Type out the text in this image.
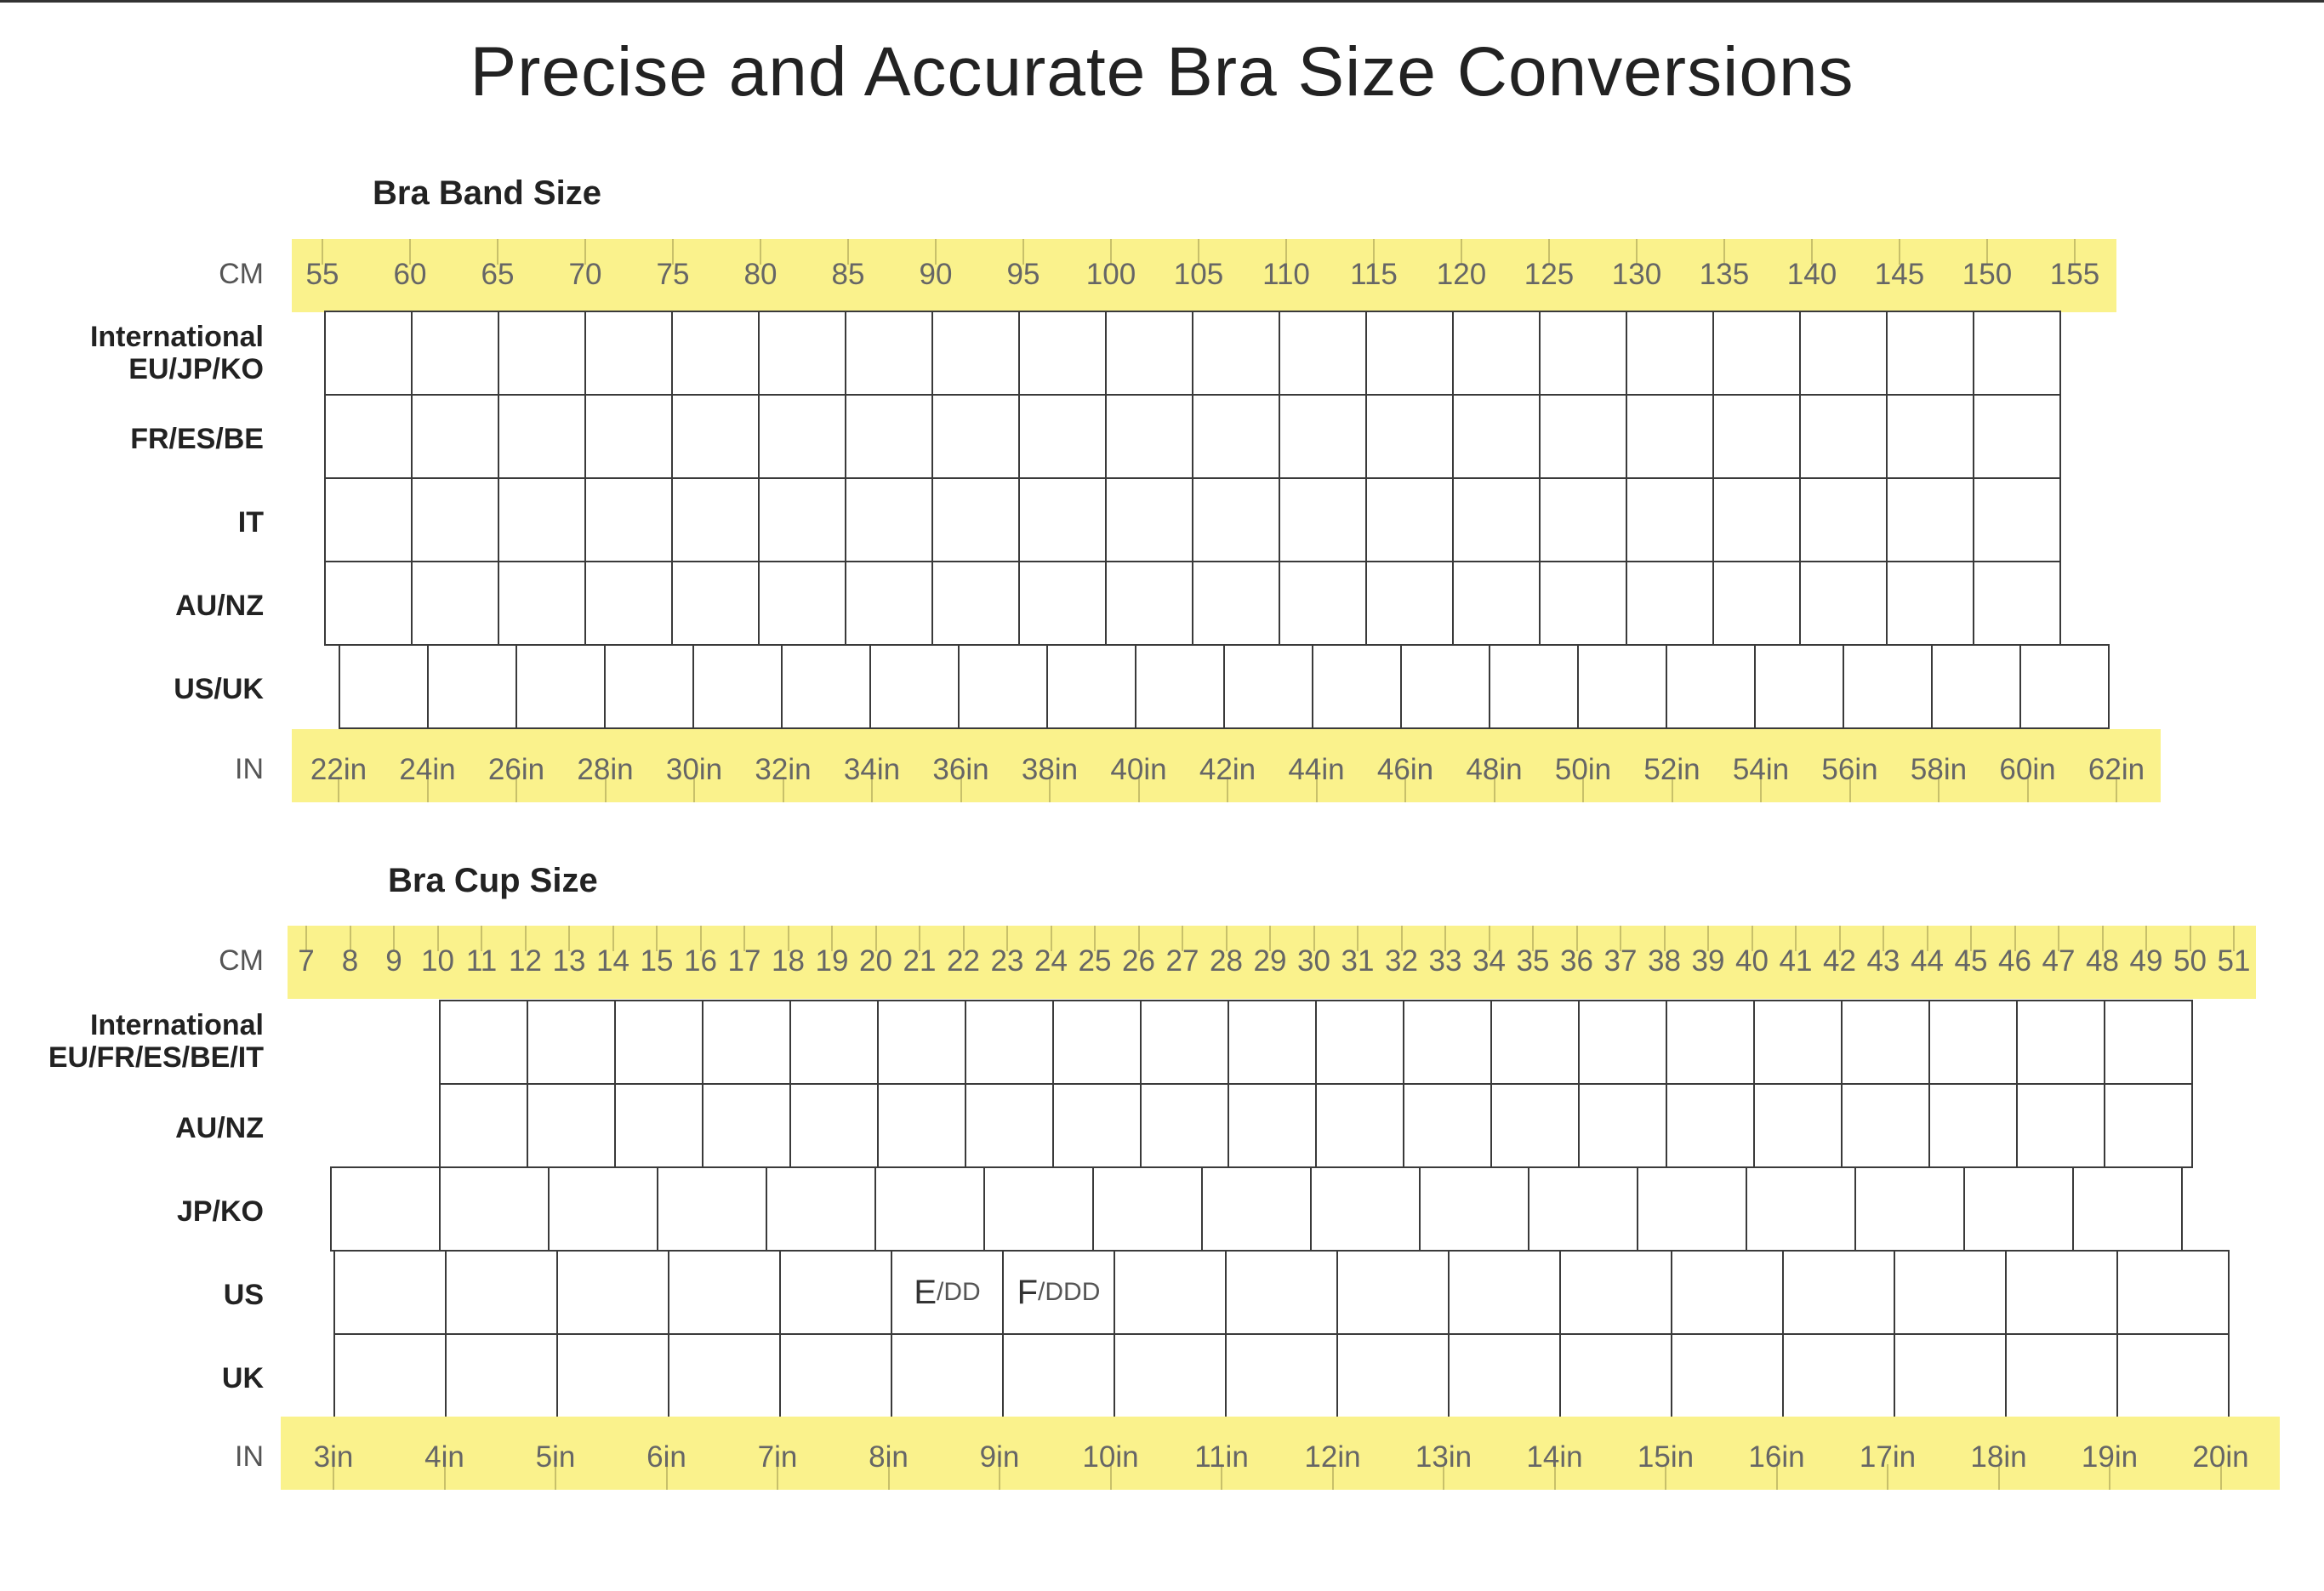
Precise and Accurate Bra Size Conversions
Bra Band Size
Bra Cup Size
CM 55 60 65 70 75 80 85 90 95 100 105 110 115 120 125 130 135 140 145 150 155
International
EU/JP/KO
FR/ES/BE
IT
AU/NZ
US/UK
IN 22in 24in 26in 28in 30in 32in 34in 36in 38in 40in 42in 44in 46in 48in 50in 52in 54in 56in 58in 60in 62in
CM 7 8 9 10 11 12 13 14 15 16 17 18 19 20 21 22 23 24 25 26 27 28 29 30 31 32 33 34 35 36 37 38 39 40 41 42 43 44 45 46 47 48 49 50 51
International
EU/FR/ES/BE/IT
AU/NZ
JP/KO
US	E /DD F /DDD
UK
IN 3in 4in 5in 6in 7in 8in 9in 10in 11in 12in 13in 14in 15in 16in 17in 18in 19in 20in
